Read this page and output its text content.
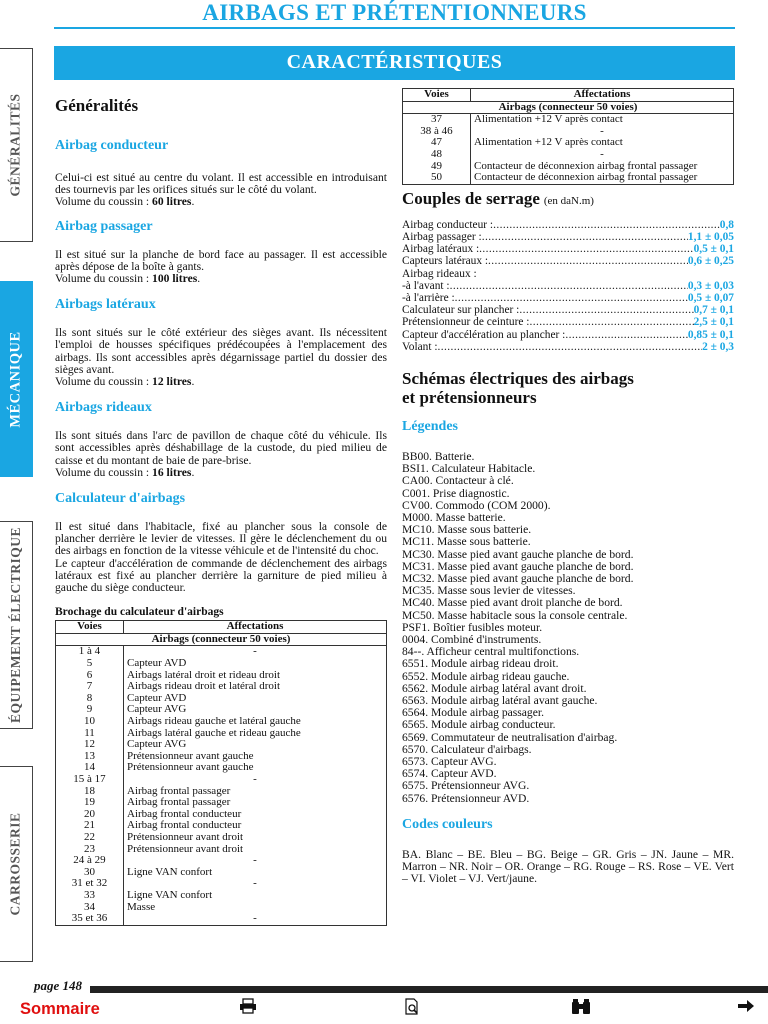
AIRBAGS ET PRÉTENTIONNEURS
CARACTÉRISTIQUES
GÉNÉRALITÉS
MÉCANIQUE
ÉQUIPEMENT ÉLECTRIQUE
CARROSSERIE
Généralités
Airbag conducteur

Celui-ci est situé au centre du volant. Il est accessible en introduisant des tournevis par les orifices situés sur le côté du volant.
Volume du coussin : 60 litres.

Airbag passager

Il est situé sur la planche de bord face au passager. Il est accessible après dépose de la boîte à gants.
Volume du coussin : 100 litres.

Airbags latéraux

Ils sont situés sur le côté extérieur des sièges avant. Ils nécessitent l'emploi de housses spécifiques prédécoupées à l'emplacement des airbags. Ils sont accessibles après dégarnissage partiel du dossier des sièges avant.
Volume du coussin : 12 litres.

Airbags rideaux

Ils sont situés dans l'arc de pavillon de chaque côté du véhicule. Ils sont accessibles après déshabillage de la custode, du pied milieu de caisse et du montant de baie de pare-brise.
Volume du coussin : 16 litres.

Calculateur d'airbags

Il est situé dans l'habitacle, fixé au plancher sous la console de plancher derrière le levier de vitesses. Il gère le déclenchement du ou des airbags en fonction de la vitesse véhicule et de l'intensité du choc.
Le capteur d'accélération de commande de déclenchement des airbags latéraux est fixé au plancher derrière la garniture de pied milieu à gauche du siège conducteur.

Brochage du calculateur d'airbags
Voies	Affectations
Airbags (connecteur 50 voies)	
1 à 4	-
5	Capteur AVD
6	Airbags latéral droit et rideau droit
7	Airbags rideau droit et latéral droit
8	Capteur AVD
9	Capteur AVG
10	Airbags rideau gauche et latéral gauche
11	Airbags latéral gauche et rideau gauche
12	Capteur AVG
13	Prétensionneur avant gauche
14	Prétensionneur avant gauche
15 à 17	-
18	Airbag frontal passager
19	Airbag frontal passager
20	Airbag frontal conducteur
21	Airbag frontal conducteur
22	Prétensionneur avant droit
23	Prétensionneur avant droit
24 à 29	-
30	Ligne VAN confort
31 et 32	-
33	Ligne VAN confort
34	Masse
35 et 36	-
Voies	Affectations
Airbags (connecteur 50 voies)	
37	Alimentation +12 V après contact
38 à 46	-
47	Alimentation +12 V après contact
48	-
49	Contacteur de déconnexion airbag frontal passager
50	Contacteur de déconnexion airbag frontal passager
Couples de serrage (en daN.m)
Airbag conducteur : .....	0,8
Airbag passager : .....	1,1 ± 0,05
Airbag latéraux : .....	0,5 ± 0,1
Capteurs latéraux : .....	0,6 ± 0,25
Airbag rideaux :
-à l'avant : .....	0,3 ± 0,03
-à l'arrière : .....	0,5 ± 0,07
Calculateur sur plancher : .....	0,7 ± 0,1
Prétensionneur de ceinture : .....	2,5 ± 0,1
Capteur d'accélération au plancher : .....	0,85 ± 0,1
Volant : .....	2 ± 0,3
Schémas électriques des airbags
et prétensionneurs
Légendes
BB00. Batterie.
BSI1. Calculateur Habitacle.
CA00. Contacteur à clé.
C001. Prise diagnostic.
CV00. Commodo (COM 2000).
M000. Masse batterie.
MC10. Masse sous batterie.
MC11. Masse sous batterie.
MC30. Masse pied avant gauche planche de bord.
MC31. Masse pied avant gauche planche de bord.
MC32. Masse pied avant gauche planche de bord.
MC35. Masse sous levier de vitesses.
MC40. Masse pied avant droit planche de bord.
MC50. Masse habitacle sous la console centrale.
PSF1. Boîtier fusibles moteur.
0004. Combiné d'instruments.
84--. Afficheur central multifonctions.
6551. Module airbag rideau droit.
6552. Module airbag rideau gauche.
6562. Module airbag latéral avant droit.
6563. Module airbag latéral avant gauche.
6564. Module airbag passager.
6565. Module airbag conducteur.
6569. Commutateur de neutralisation d'airbag.
6570. Calculateur d'airbags.
6573. Capteur AVG.
6574. Capteur AVD.
6575. Prétensionneur AVG.
6576. Prétensionneur AVD.
Codes couleurs

BA. Blanc – BE. Bleu – BG. Beige – GR. Gris – JN. Jaune – MR. Marron – NR. Noir – OR. Orange – RG. Rouge – RS. Rose – VE. Vert – VI. Violet – VJ. Vert/jaune.

page 148
Sommaire
